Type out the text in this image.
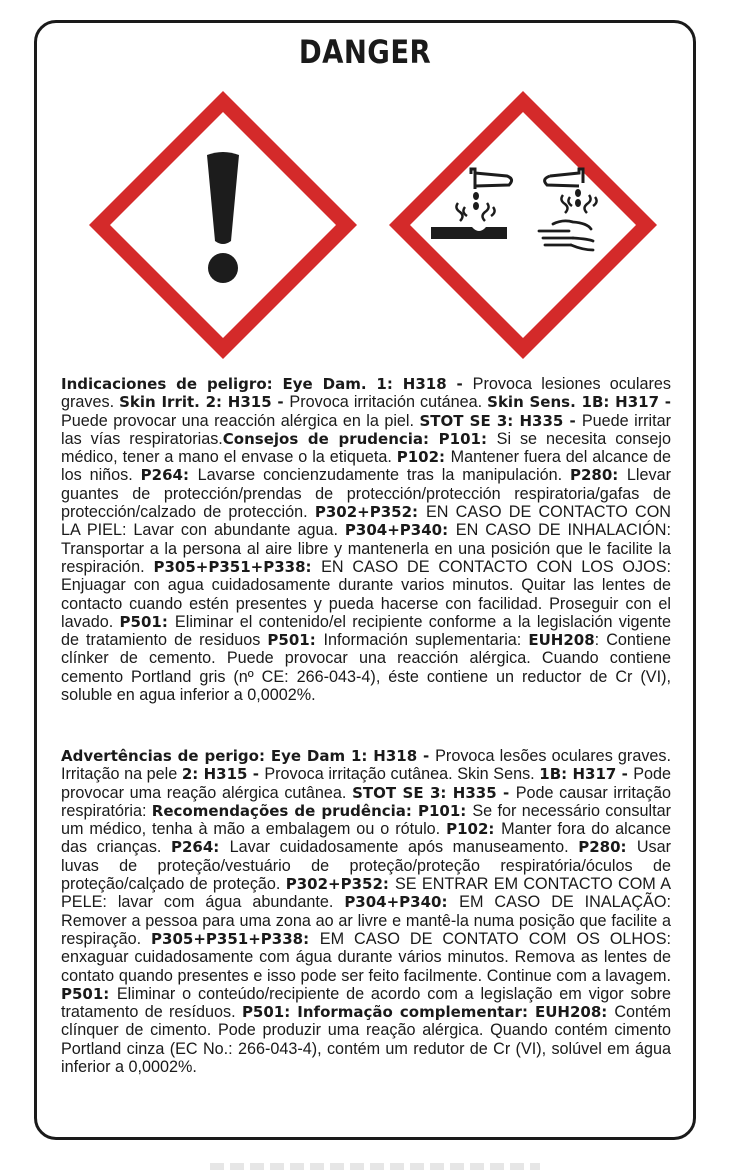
DANGER
Indicaciones de peligro: Eye Dam. 1: H318 - Provoca lesiones oculares graves. Skin Irrit. 2: H315 - Provoca irritación cutánea. Skin Sens. 1B: H317 - Puede provocar una reacción alérgica en la piel. STOT SE 3: H335 - Puede irritar las vías respiratorias.Consejos de prudencia: P101: Si se necesita consejo médico, tener a mano el envase o la etiqueta. P102: Mantener fuera del alcance de los niños. P264: Lavarse concienzudamente tras la manipulación. P280: Llevar guantes de protección/prendas de protección/protección respiratoria/gafas de protección/calzado de protección. P302+P352: EN CASO DE CONTACTO CON LA PIEL: Lavar con abundante agua. P304+P340: EN CASO DE INHALACIÓN: Transportar a la persona al aire libre y mantenerla en una posición que le facilite la respiración. P305+P351+P338: EN CASO DE CONTACTO CON LOS OJOS: Enjuagar con agua cuidadosamente durante varios minutos. Quitar las lentes de contacto cuando estén presentes y pueda hacerse con facilidad. Proseguir con el lavado. P501: Eliminar el contenido/el recipiente conforme a la legislación vigente de tratamiento de residuos P501: Información suplementaria: EUH208: Contiene clínker de cemento. Puede provocar una reacción alérgica. Cuando contiene cemento Portland gris (nº CE: 266-043-4), éste contiene un reductor de Cr (VI), soluble en agua inferior a 0,0002%.
Advertências de perigo: Eye Dam 1: H318 - Provoca lesões oculares graves. Irritação na pele 2: H315 - Provoca irritação cutânea. Skin Sens. 1B: H317 - Pode provocar uma reação alérgica cutânea. STOT SE 3: H335 - Pode causar irritação respiratória: Recomendações de prudência: P101: Se for necessário consultar um médico, tenha à mão a embalagem ou o rótulo. P102: Manter fora do alcance das crianças. P264: Lavar cuidadosamente após manuseamento. P280: Usar luvas de proteção/vestuário de proteção/proteção respiratória/óculos de proteção/calçado de proteção. P302+P352: SE ENTRAR EM CONTACTO COM A PELE: lavar com água abundante. P304+P340: EM CASO DE INALAÇÃO: Remover a pessoa para uma zona ao ar livre e mantê-la numa posição que facilite a respiração. P305+P351+P338: EM CASO DE CONTATO COM OS OLHOS: enxaguar cuidadosamente com água durante vários minutos. Remova as lentes de contato quando presentes e isso pode ser feito facilmente. Continue com a lavagem. P501: Eliminar o conteúdo/recipiente de acordo com a legislação em vigor sobre tratamento de resíduos. P501: Informação complementar: EUH208: Contém clínquer de cimento. Pode produzir uma reação alérgica. Quando contém cimento Portland cinza (EC No.: 266-043-4), contém um redutor de Cr (VI), solúvel em água inferior a 0,0002%.
